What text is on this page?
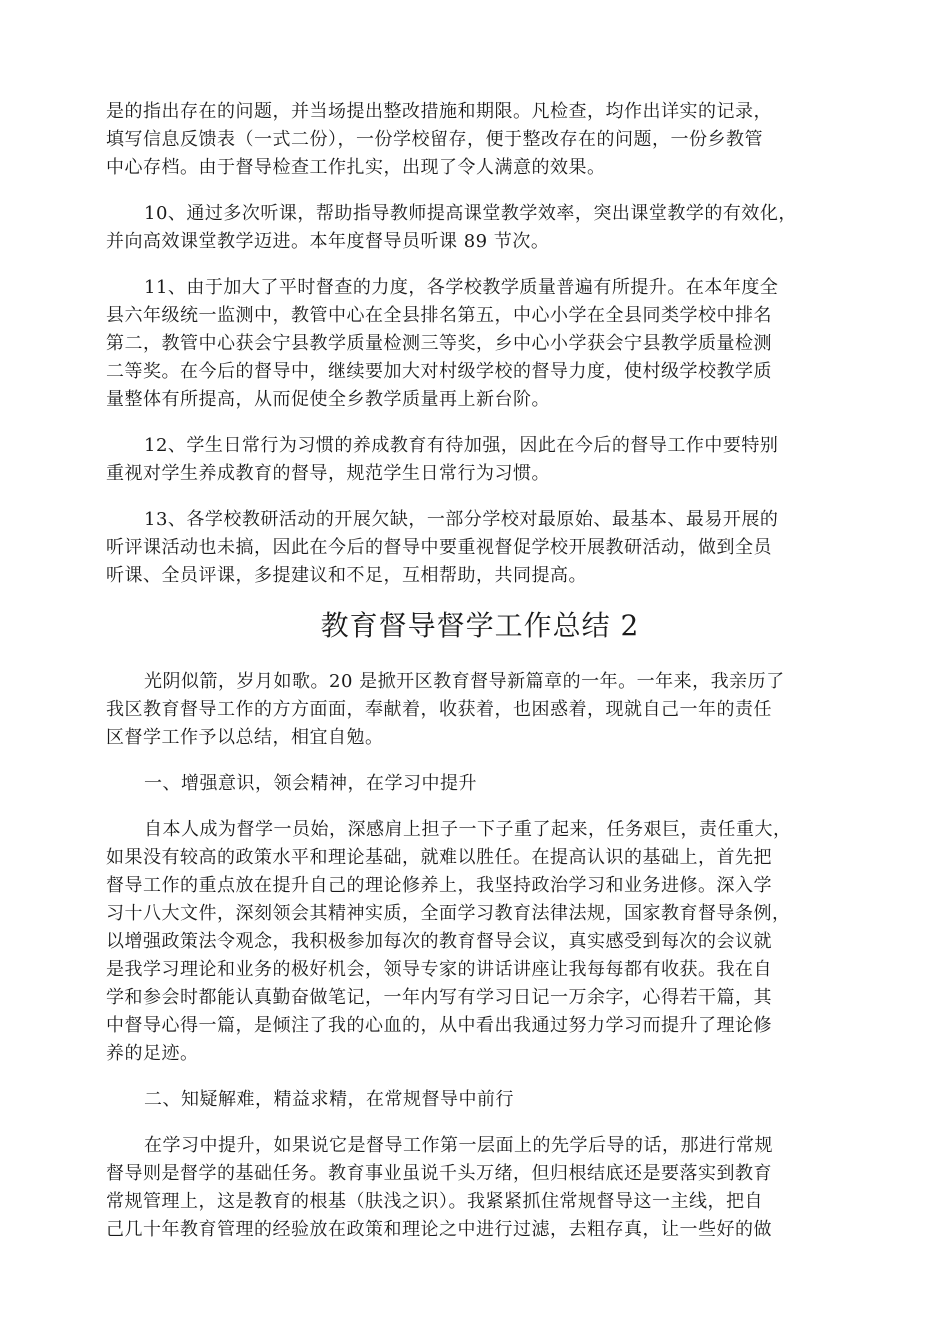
是的指出存在的问题，并当场提出整改措施和期限。凡检查，均作出详实的记录，
填写信息反馈表（一式二份），一份学校留存，便于整改存在的问题，一份乡教管
中心存档。由于督导检查工作扎实，出现了令人满意的效果。
10、通过多次听课，帮助指导教师提高课堂教学效率，突出课堂教学的有效化，
并向高效课堂教学迈进。本年度督导员听课 89 节次。
11、由于加大了平时督查的力度，各学校教学质量普遍有所提升。在本年度全
县六年级统一监测中，教管中心在全县排名第五，中心小学在全县同类学校中排名
第二，教管中心获会宁县教学质量检测三等奖，乡中心小学获会宁县教学质量检测
二等奖。在今后的督导中，继续要加大对村级学校的督导力度，使村级学校教学质
量整体有所提高，从而促使全乡教学质量再上新台阶。
12、学生日常行为习惯的养成教育有待加强，因此在今后的督导工作中要特别
重视对学生养成教育的督导，规范学生日常行为习惯。
13、各学校教研活动的开展欠缺，一部分学校对最原始、最基本、最易开展的
听评课活动也未搞，因此在今后的督导中要重视督促学校开展教研活动，做到全员
听课、全员评课，多提建议和不足，互相帮助，共同提高。
教育督导督学工作总结 2
光阴似箭，岁月如歌。20 是掀开区教育督导新篇章的一年。一年来，我亲历了
我区教育督导工作的方方面面，奉献着，收获着，也困惑着，现就自己一年的责任
区督学工作予以总结，相宜自勉。
一、增强意识，领会精神，在学习中提升
自本人成为督学一员始，深感肩上担子一下子重了起来，任务艰巨，责任重大，
如果没有较高的政策水平和理论基础，就难以胜任。在提高认识的基础上，首先把
督导工作的重点放在提升自己的理论修养上，我坚持政治学习和业务进修。深入学
习十八大文件，深刻领会其精神实质，全面学习教育法律法规，国家教育督导条例，
以增强政策法令观念，我积极参加每次的教育督导会议，真实感受到每次的会议就
是我学习理论和业务的极好机会，领导专家的讲话讲座让我每每都有收获。我在自
学和参会时都能认真勤奋做笔记，一年内写有学习日记一万余字，心得若干篇，其
中督导心得一篇，是倾注了我的心血的，从中看出我通过努力学习而提升了理论修
养的足迹。
二、知疑解难，精益求精，在常规督导中前行
在学习中提升，如果说它是督导工作第一层面上的先学后导的话，那进行常规
督导则是督学的基础任务。教育事业虽说千头万绪，但归根结底还是要落实到教育
常规管理上，这是教育的根基（肤浅之识）。我紧紧抓住常规督导这一主线，把自
己几十年教育管理的经验放在政策和理论之中进行过滤，去粗存真，让一些好的做
